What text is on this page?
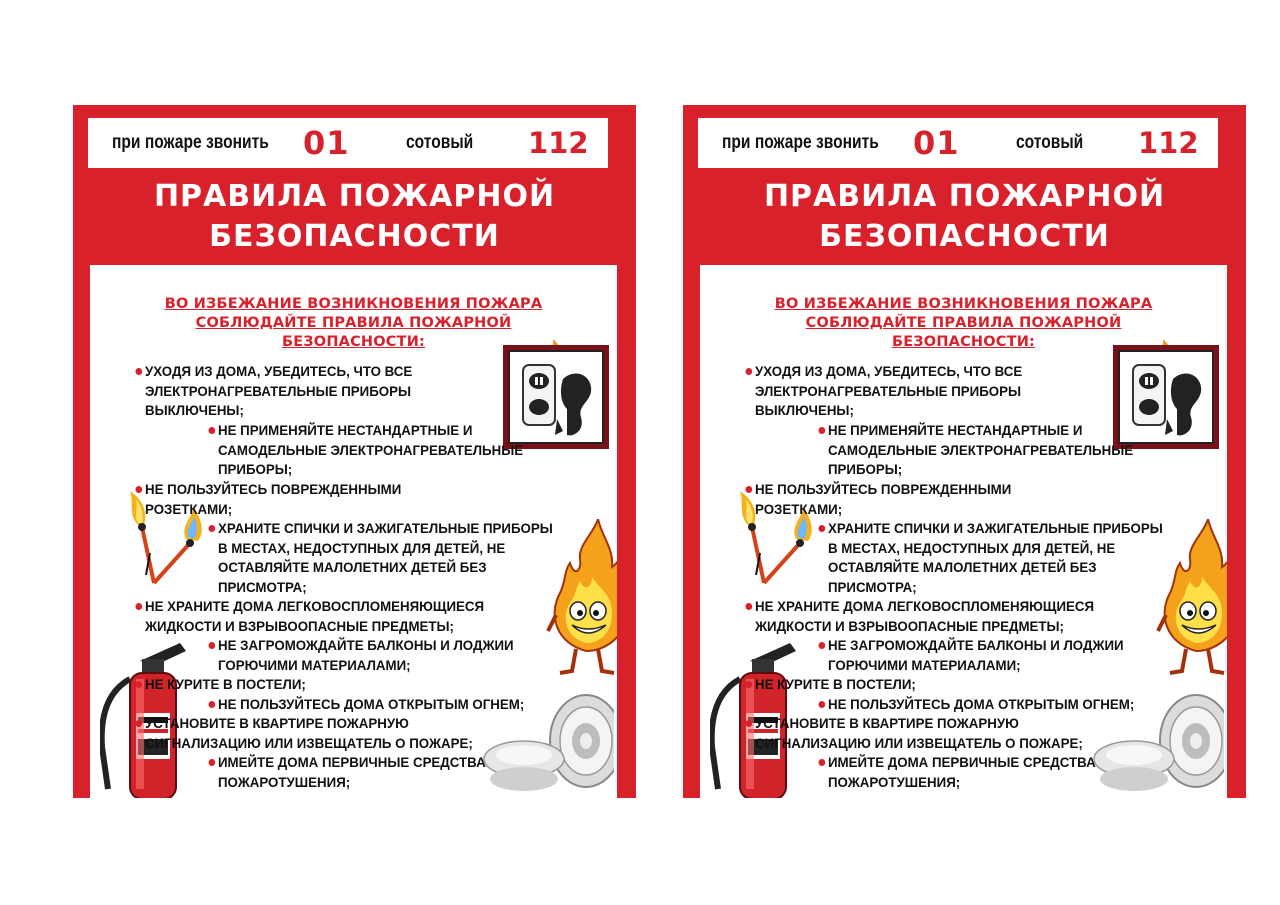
при пожаре звонить 01	сотовый 112
ПРАВИЛА ПОЖАРНОЙ
БЕЗОПАСНОСТИ
ВО ИЗБЕЖАНИЕ ВОЗНИКНОВЕНИЯ ПОЖАРА
СОБЛЮДАЙТЕ ПРАВИЛА ПОЖАРНОЙ
БЕЗОПАСНОСТИ:
УХОДЯ ИЗ ДОМА, УБЕДИТЕСЬ, ЧТО ВСЕ
ЭЛЕКТРОНАГРЕВАТЕЛЬНЫЕ ПРИБОРЫ
ВЫКЛЮЧЕНЫ;
НЕ ПРИМЕНЯЙТЕ НЕСТАНДАРТНЫЕ И
САМОДЕЛЬНЫЕ ЭЛЕКТРОНАГРЕВАТЕЛЬНЫЕ
ПРИБОРЫ;
НЕ ПОЛЬЗУЙТЕСЬ ПОВРЕЖДЕННЫМИ
РОЗЕТКАМИ;
ХРАНИТЕ СПИЧКИ И ЗАЖИГАТЕЛЬНЫЕ ПРИБОРЫ
В МЕСТАХ, НЕДОСТУПНЫХ ДЛЯ ДЕТЕЙ, НЕ
ОСТАВЛЯЙТЕ МАЛОЛЕТНИХ ДЕТЕЙ БЕЗ
ПРИСМОТРА;
НЕ ХРАНИТЕ ДОМА ЛЕГКОВОСПЛОМЕНЯЮЩИЕСЯ
ЖИДКОСТИ И ВЗРЫВООПАСНЫЕ ПРЕДМЕТЫ;
НЕ ЗАГРОМОЖДАЙТЕ БАЛКОНЫ И ЛОДЖИИ
ГОРЮЧИМИ МАТЕРИАЛАМИ;
НЕ КУРИТЕ В ПОСТЕЛИ;
НЕ ПОЛЬЗУЙТЕСЬ ДОМА ОТКРЫТЫМ ОГНЕМ;
УСТАНОВИТЕ В КВАРТИРЕ ПОЖАРНУЮ
СИГНАЛИЗАЦИЮ ИЛИ ИЗВЕЩАТЕЛЬ О ПОЖАРЕ;
ИМЕЙТЕ ДОМА ПЕРВИЧНЫЕ СРЕДСТВА
ПОЖАРОТУШЕНИЯ;
при пожаре звонить 01	сотовый 112
ПРАВИЛА ПОЖАРНОЙ
БЕЗОПАСНОСТИ
ВО ИЗБЕЖАНИЕ ВОЗНИКНОВЕНИЯ ПОЖАРА
СОБЛЮДАЙТЕ ПРАВИЛА ПОЖАРНОЙ
БЕЗОПАСНОСТИ:
УХОДЯ ИЗ ДОМА, УБЕДИТЕСЬ, ЧТО ВСЕ
ЭЛЕКТРОНАГРЕВАТЕЛЬНЫЕ ПРИБОРЫ
ВЫКЛЮЧЕНЫ;
НЕ ПРИМЕНЯЙТЕ НЕСТАНДАРТНЫЕ И
САМОДЕЛЬНЫЕ ЭЛЕКТРОНАГРЕВАТЕЛЬНЫЕ
ПРИБОРЫ;
НЕ ПОЛЬЗУЙТЕСЬ ПОВРЕЖДЕННЫМИ
РОЗЕТКАМИ;
ХРАНИТЕ СПИЧКИ И ЗАЖИГАТЕЛЬНЫЕ ПРИБОРЫ
В МЕСТАХ, НЕДОСТУПНЫХ ДЛЯ ДЕТЕЙ, НЕ
ОСТАВЛЯЙТЕ МАЛОЛЕТНИХ ДЕТЕЙ БЕЗ
ПРИСМОТРА;
НЕ ХРАНИТЕ ДОМА ЛЕГКОВОСПЛОМЕНЯЮЩИЕСЯ
ЖИДКОСТИ И ВЗРЫВООПАСНЫЕ ПРЕДМЕТЫ;
НЕ ЗАГРОМОЖДАЙТЕ БАЛКОНЫ И ЛОДЖИИ
ГОРЮЧИМИ МАТЕРИАЛАМИ;
НЕ КУРИТЕ В ПОСТЕЛИ;
НЕ ПОЛЬЗУЙТЕСЬ ДОМА ОТКРЫТЫМ ОГНЕМ;
УСТАНОВИТЕ В КВАРТИРЕ ПОЖАРНУЮ
СИГНАЛИЗАЦИЮ ИЛИ ИЗВЕЩАТЕЛЬ О ПОЖАРЕ;
ИМЕЙТЕ ДОМА ПЕРВИЧНЫЕ СРЕДСТВА
ПОЖАРОТУШЕНИЯ;
